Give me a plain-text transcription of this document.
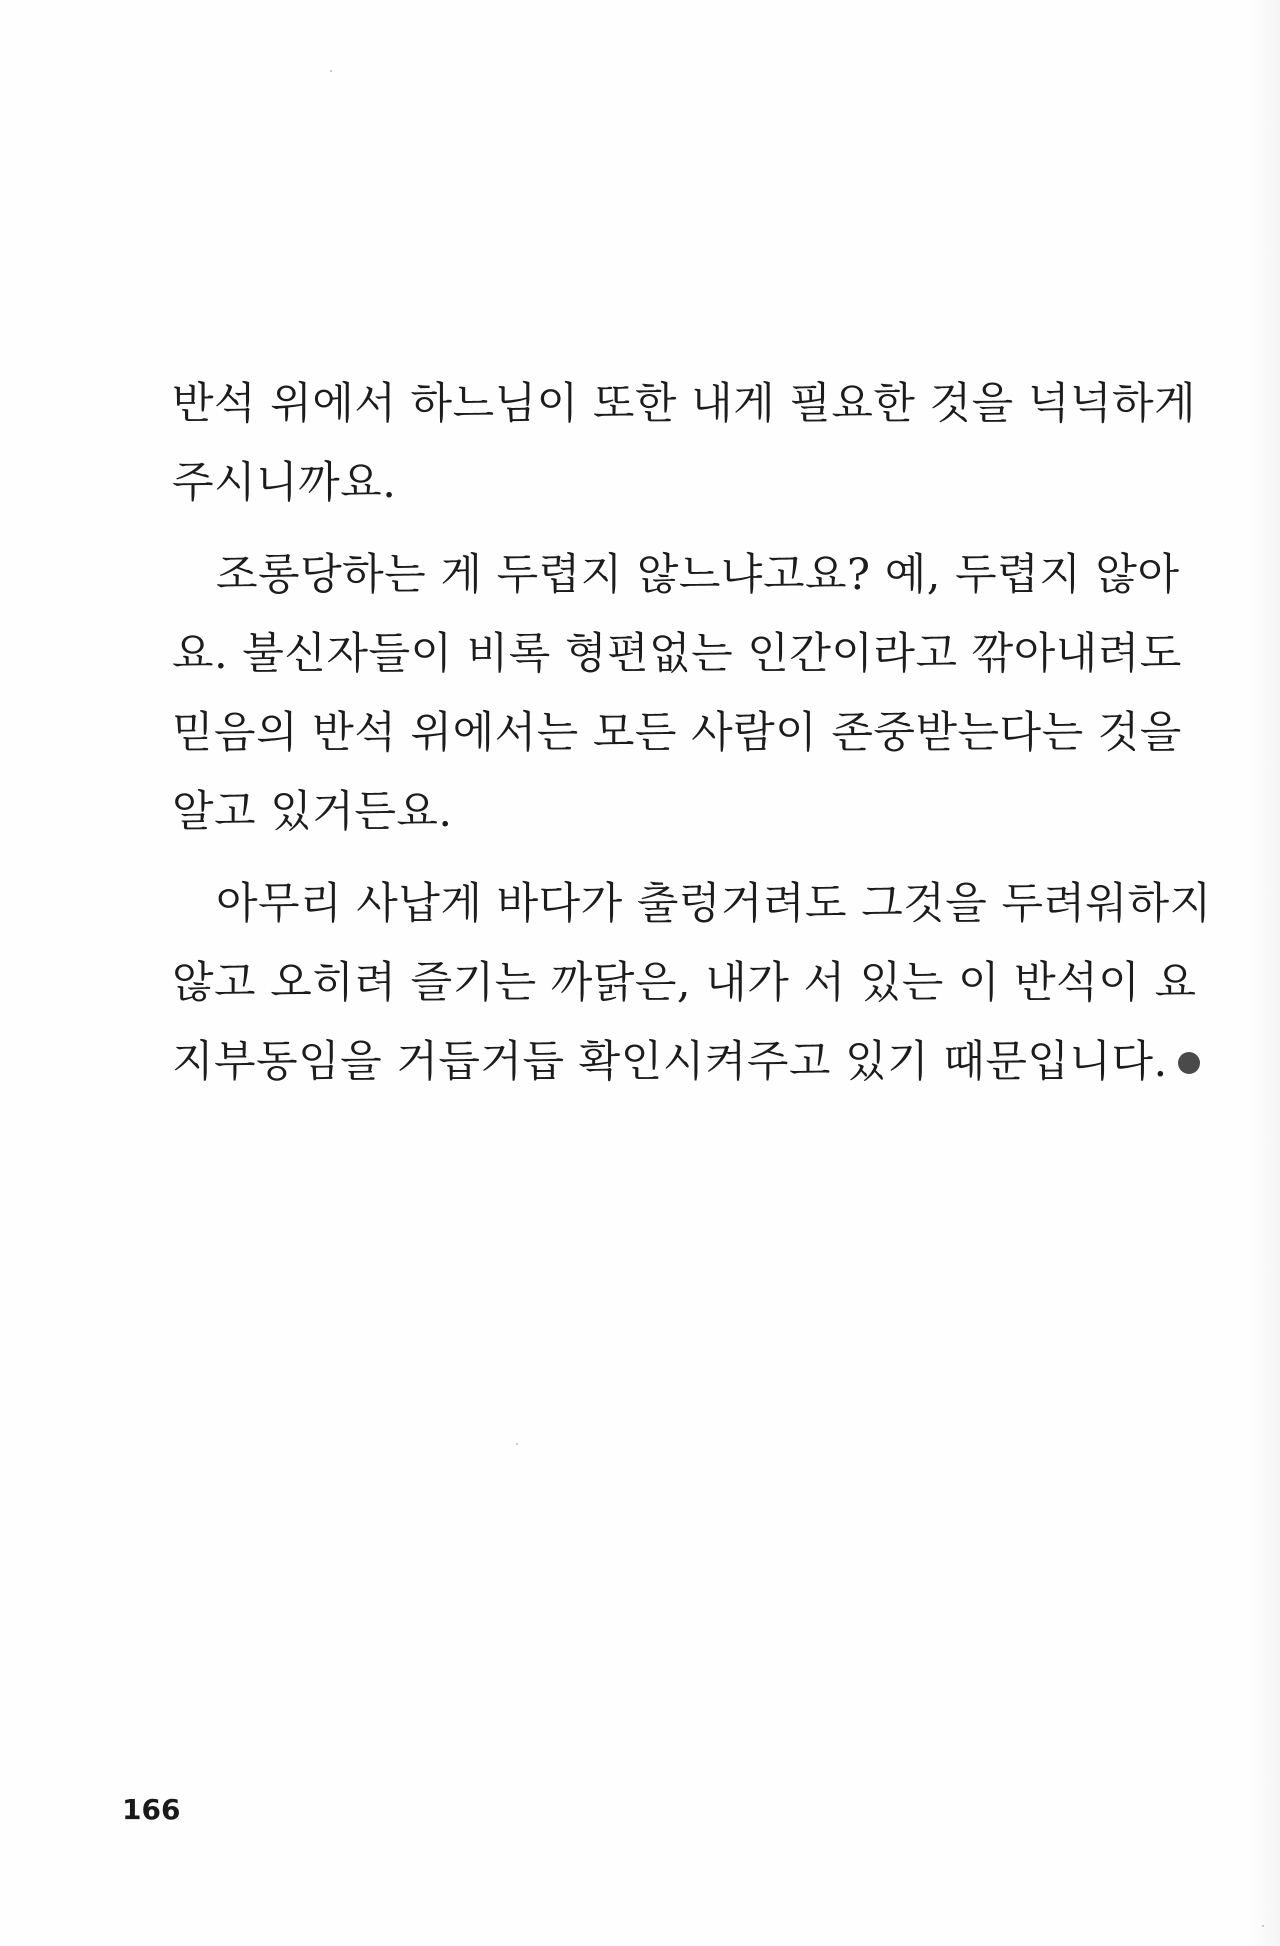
반석 위에서 하느님이 또한 내게 필요한 것을 넉넉하게
주시니까요.
조롱당하는 게 두렵지 않느냐고요? 예, 두렵지 않아
요. 불신자들이 비록 형편없는 인간이라고 깎아내려도
믿음의 반석 위에서는 모든 사람이 존중받는다는 것을
알고 있거든요.
아무리 사납게 바다가 출렁거려도 그것을 두려워하지
않고 오히려 즐기는 까닭은, 내가 서 있는 이 반석이 요
지부동임을 거듭거듭 확인시켜주고 있기 때문입니다.
166
